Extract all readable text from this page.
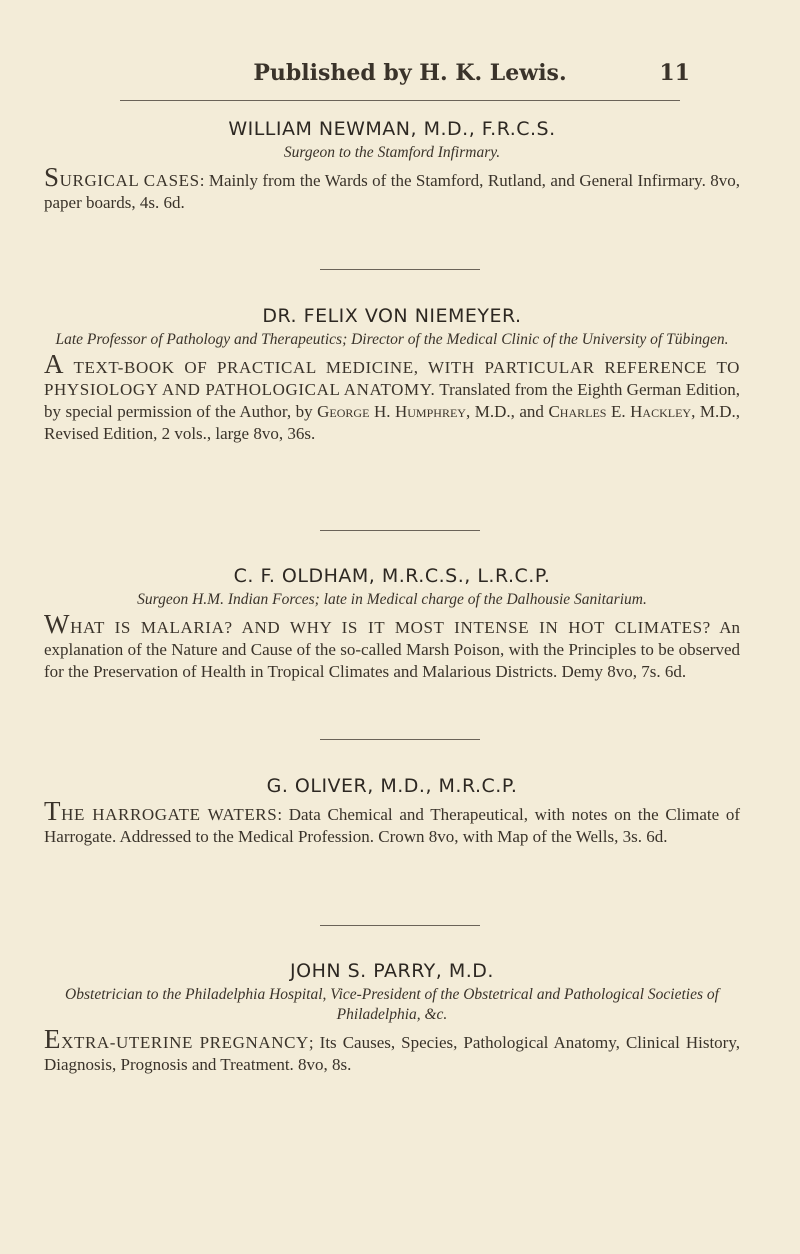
Published by H. K. Lewis.	11

WILLIAM NEWMAN, M.D., F.R.C.S.

Surgeon to the Stamford Infirmary.

SURGICAL CASES: Mainly from the Wards of the Stamford, Rutland, and General Infirmary. 8vo, paper boards, 4s. 6d.

DR. FELIX VON NIEMEYER.

Late Professor of Pathology and Therapeutics; Director of the Medical Clinic of the University of Tübingen.

A TEXT-BOOK OF PRACTICAL MEDICINE, WITH PARTICULAR REFERENCE TO PHYSIOLOGY AND PATHOLOGICAL ANATOMY. Translated from the Eighth German Edition, by special permission of the Author, by George H. Humphrey, M.D., and Charles E. Hackley, M.D., Revised Edition, 2 vols., large 8vo, 36s.

C. F. OLDHAM, M.R.C.S., L.R.C.P.

Surgeon H.M. Indian Forces; late in Medical charge of the Dalhousie Sanitarium.

WHAT IS MALARIA? AND WHY IS IT MOST INTENSE IN HOT CLIMATES? An explanation of the Nature and Cause of the so-called Marsh Poison, with the Principles to be observed for the Preservation of Health in Tropical Climates and Malarious Districts. Demy 8vo, 7s. 6d.

G. OLIVER, M.D., M.R.C.P.

THE HARROGATE WATERS: Data Chemical and Therapeutical, with notes on the Climate of Harrogate. Addressed to the Medical Profession. Crown 8vo, with Map of the Wells, 3s. 6d.

JOHN S. PARRY, M.D.

Obstetrician to the Philadelphia Hospital, Vice-President of the Obstetrical and Pathological Societies of Philadelphia, &c.

EXTRA-UTERINE PREGNANCY; Its Causes, Species, Pathological Anatomy, Clinical History, Diagnosis, Prognosis and Treatment. 8vo, 8s.
